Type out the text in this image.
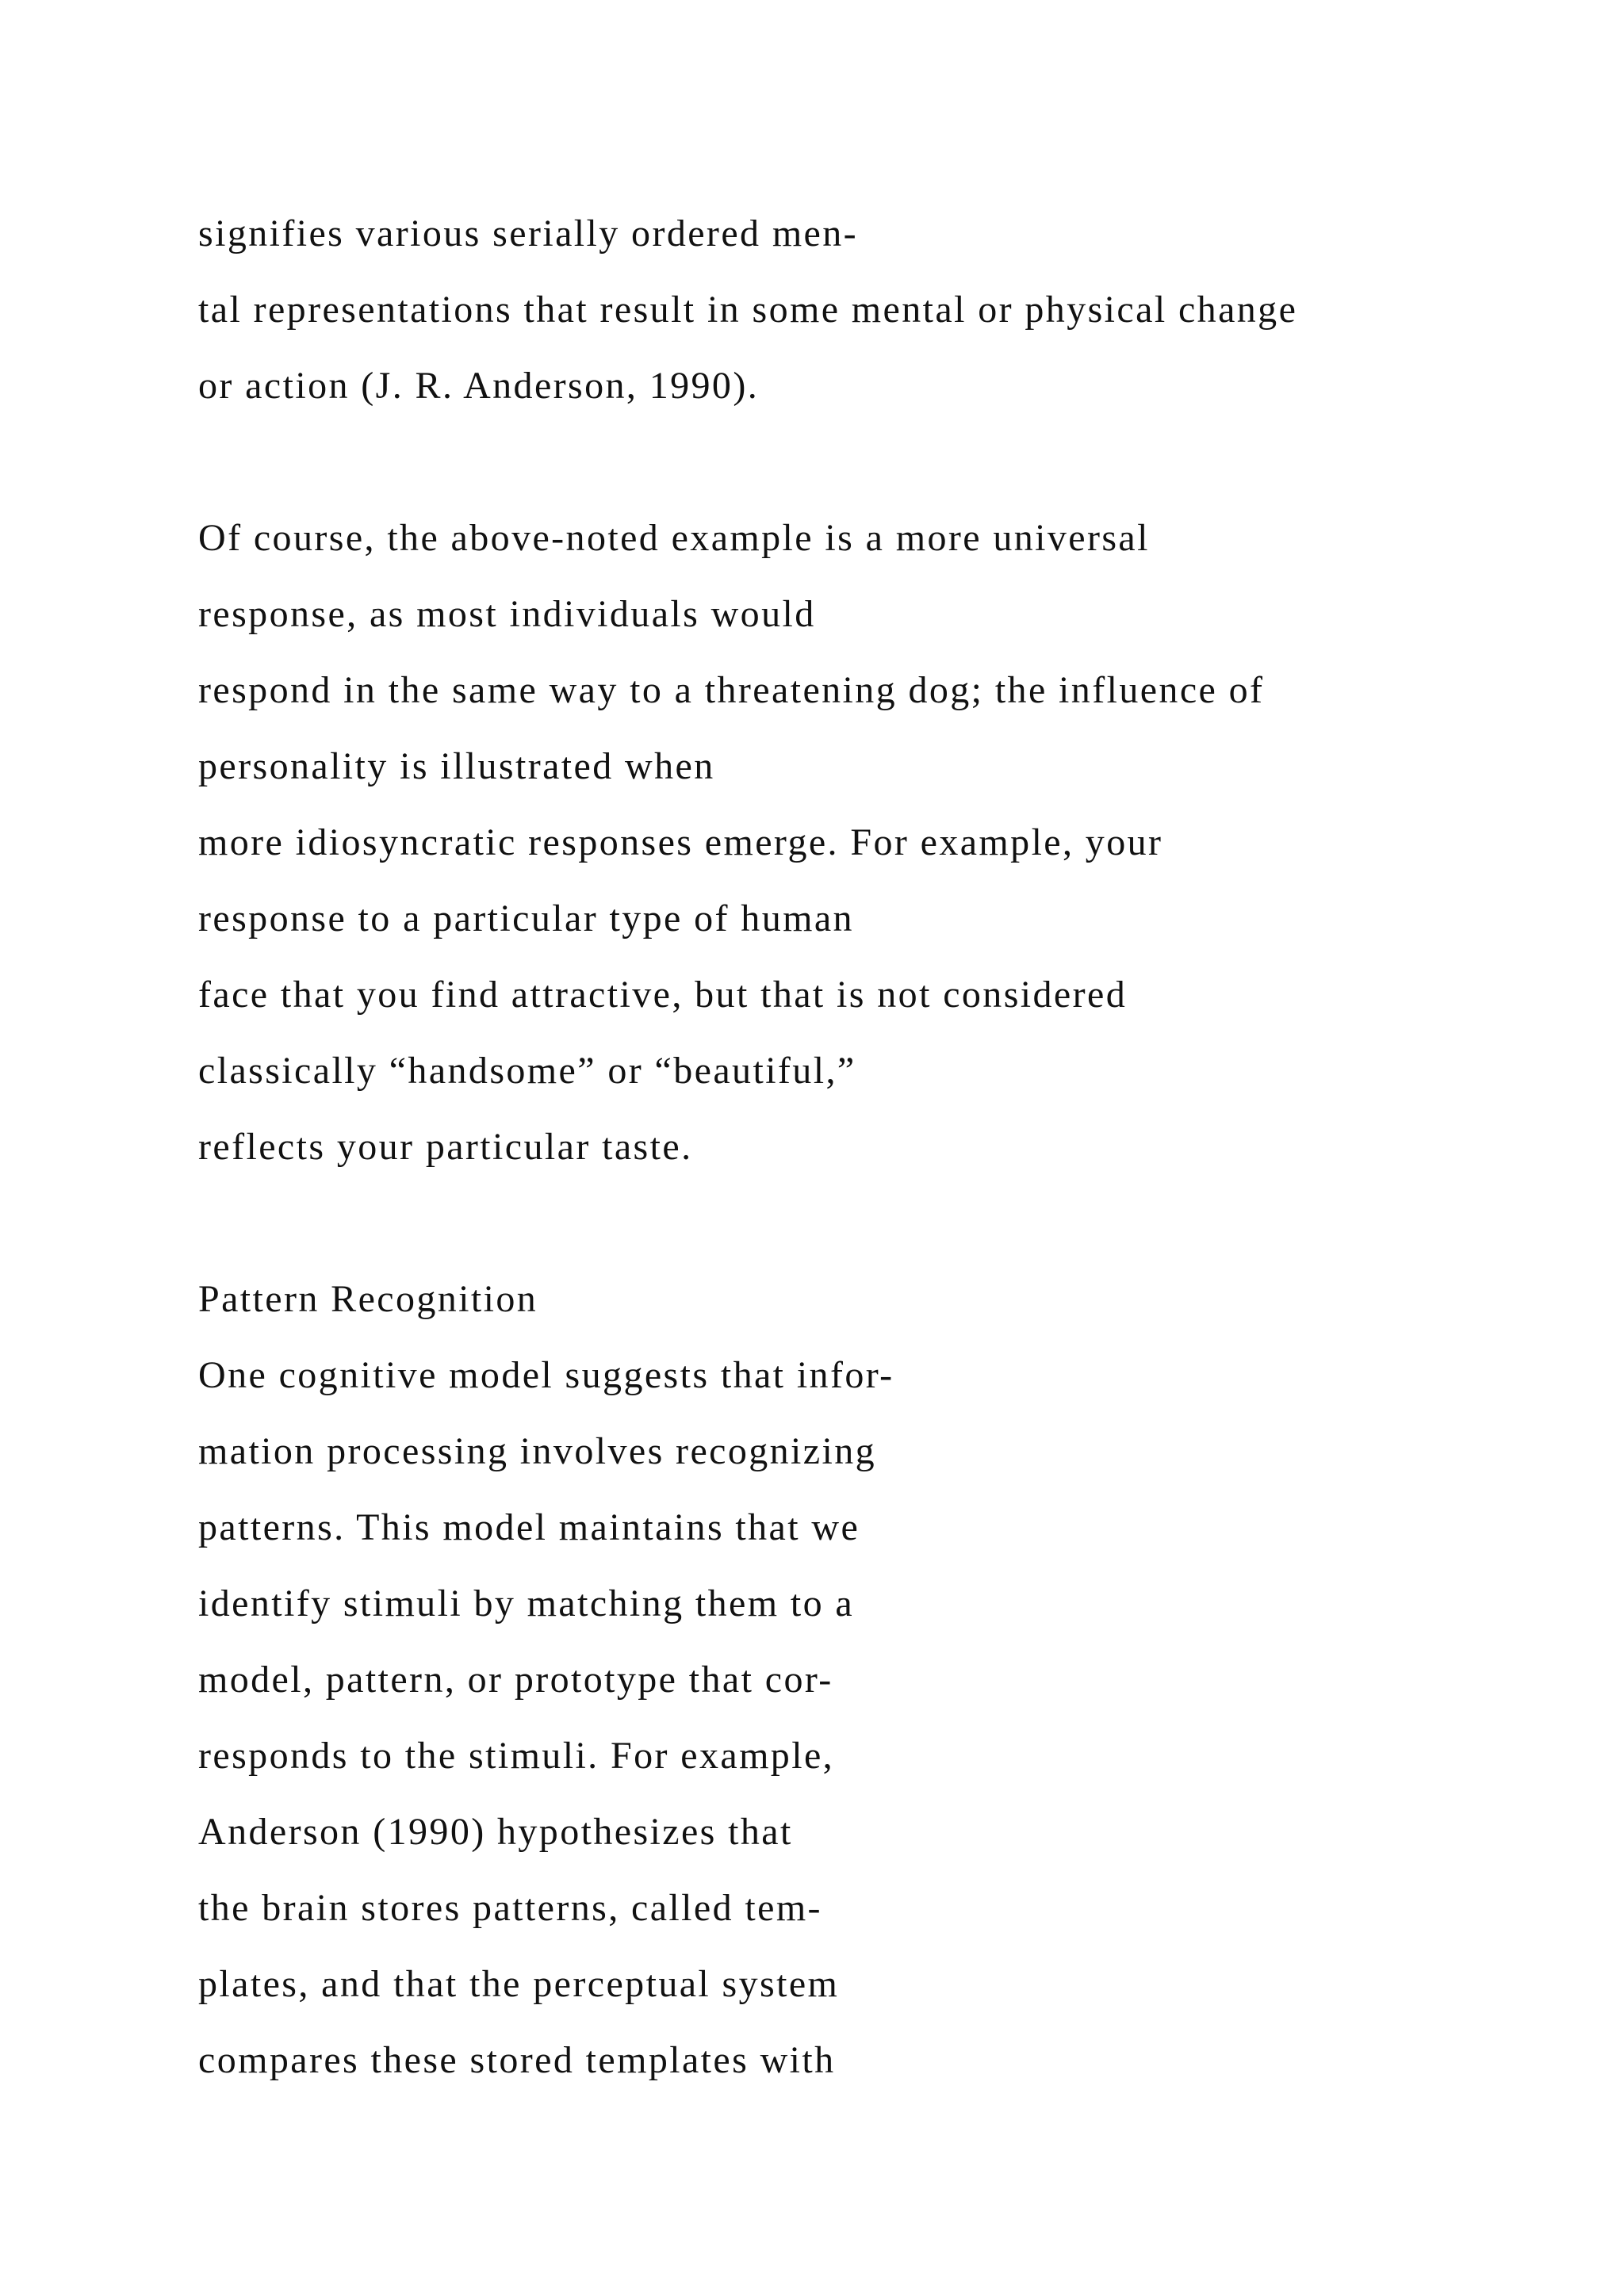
signifies various serially ordered men-
tal representations that result in some mental or physical change
or action (J. R. Anderson, 1990).
Of course, the above-noted example is a more universal
response, as most individuals would
respond in the same way to a threatening dog; the influence of
personality is illustrated when
more idiosyncratic responses emerge. For example, your
response to a particular type of human
face that you find attractive, but that is not considered
classically “handsome” or “beautiful,”
reflects your particular taste.
Pattern Recognition
One cognitive model suggests that infor-
mation processing involves recognizing
patterns. This model maintains that we
identify stimuli by matching them to a
model, pattern, or prototype that cor-
responds to the stimuli. For example,
Anderson (1990) hypothesizes that
the brain stores patterns, called tem-
plates, and that the perceptual system
compares these stored templates with
